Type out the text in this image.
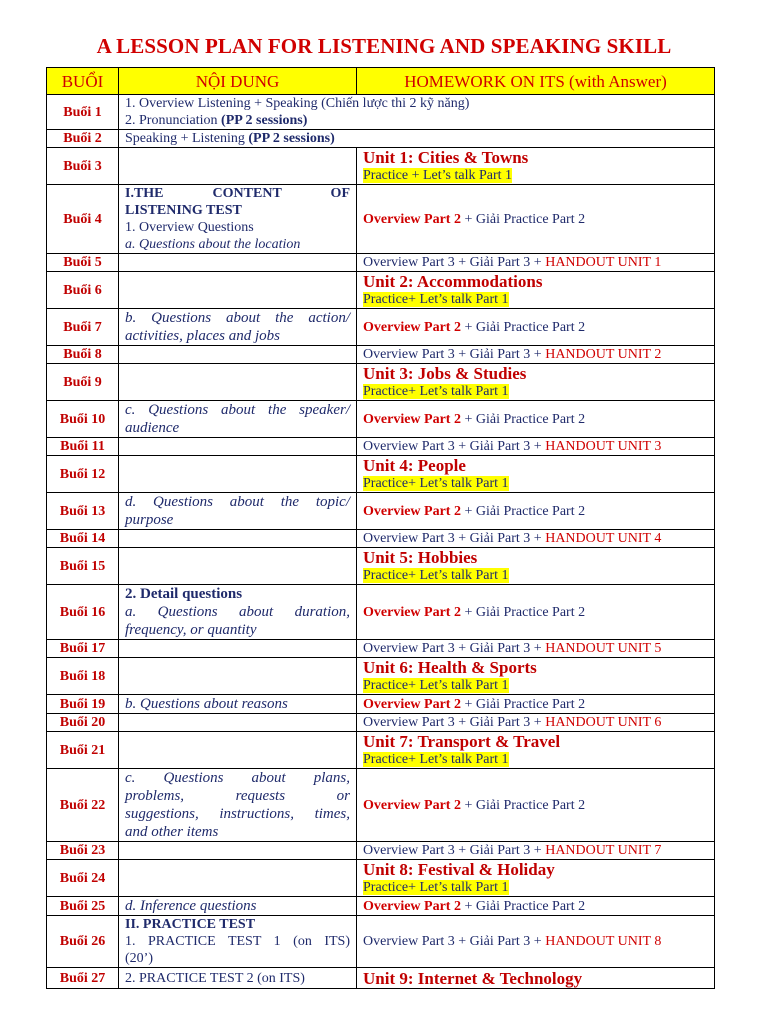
A LESSON PLAN FOR LISTENING AND SPEAKING SKILL
BUỔI	NỘI DUNG	HOMEWORK ON ITS (with Answer)
Buổi 1	1. Overview Listening + Speaking (Chiến lược thi 2 kỹ năng)
2. Pronunciation (PP 2 sessions)	

Buổi 2	Speaking + Listening (PP 2 sessions)	
Buổi 3		Unit 1: Cities & Towns
Practice + Let’s talk Part 1

Buổi 4	I.THE CONTENT OF
LISTENING TEST
1. Overview Questions
a. Questions about the location	Overview Part 2 + Giải Practice Part 2
Buổi 5		Overview Part 3 + Giải Part 3 + HANDOUT UNIT 1
Buổi 6		Unit 2: Accommodations
Practice+ Let’s talk Part 1

Buổi 7	b. Questions about the action/
activities, places and jobs	Overview Part 2 + Giải Practice Part 2
Buổi 8		Overview Part 3 + Giải Part 3 + HANDOUT UNIT 2
Buổi 9		Unit 3: Jobs & Studies
Practice+ Let’s talk Part 1

Buổi 10	c. Questions about the speaker/
audience	Overview Part 2 + Giải Practice Part 2
Buổi 11		Overview Part 3 + Giải Part 3 + HANDOUT UNIT 3
Buổi 12		Unit 4: People
Practice+ Let’s talk Part 1

Buổi 13	d. Questions about the topic/
purpose	Overview Part 2 + Giải Practice Part 2
Buổi 14		Overview Part 3 + Giải Part 3 + HANDOUT UNIT 4
Buổi 15		Unit 5: Hobbies
Practice+ Let’s talk Part 1

Buổi 16	2. Detail questions
a. Questions about duration,
frequency, or quantity	Overview Part 2 + Giải Practice Part 2
Buổi 17		Overview Part 3 + Giải Part 3 + HANDOUT UNIT 5
Buổi 18		Unit 6: Health & Sports
Practice+ Let’s talk Part 1

Buổi 19	b. Questions about reasons	Overview Part 2 + Giải Practice Part 2
Buổi 20		Overview Part 3 + Giải Part 3 + HANDOUT UNIT 6
Buổi 21		Unit 7: Transport & Travel
Practice+ Let’s talk Part 1

Buổi 22	c. Questions about plans,
problems, requests or
suggestions, instructions, times,
and other items	Overview Part 2 + Giải Practice Part 2
Buổi 23		Overview Part 3 + Giải Part 3 + HANDOUT UNIT 7
Buổi 24		Unit 8: Festival & Holiday
Practice+ Let’s talk Part 1

Buổi 25	d. Inference questions	Overview Part 2 + Giải Practice Part 2
Buổi 26	II. PRACTICE TEST
1. PRACTICE TEST 1 (on ITS)
(20’)	Overview Part 3 + Giải Part 3 + HANDOUT UNIT 8
Buổi 27	2. PRACTICE TEST 2 (on ITS)	Unit 9: Internet & Technology
